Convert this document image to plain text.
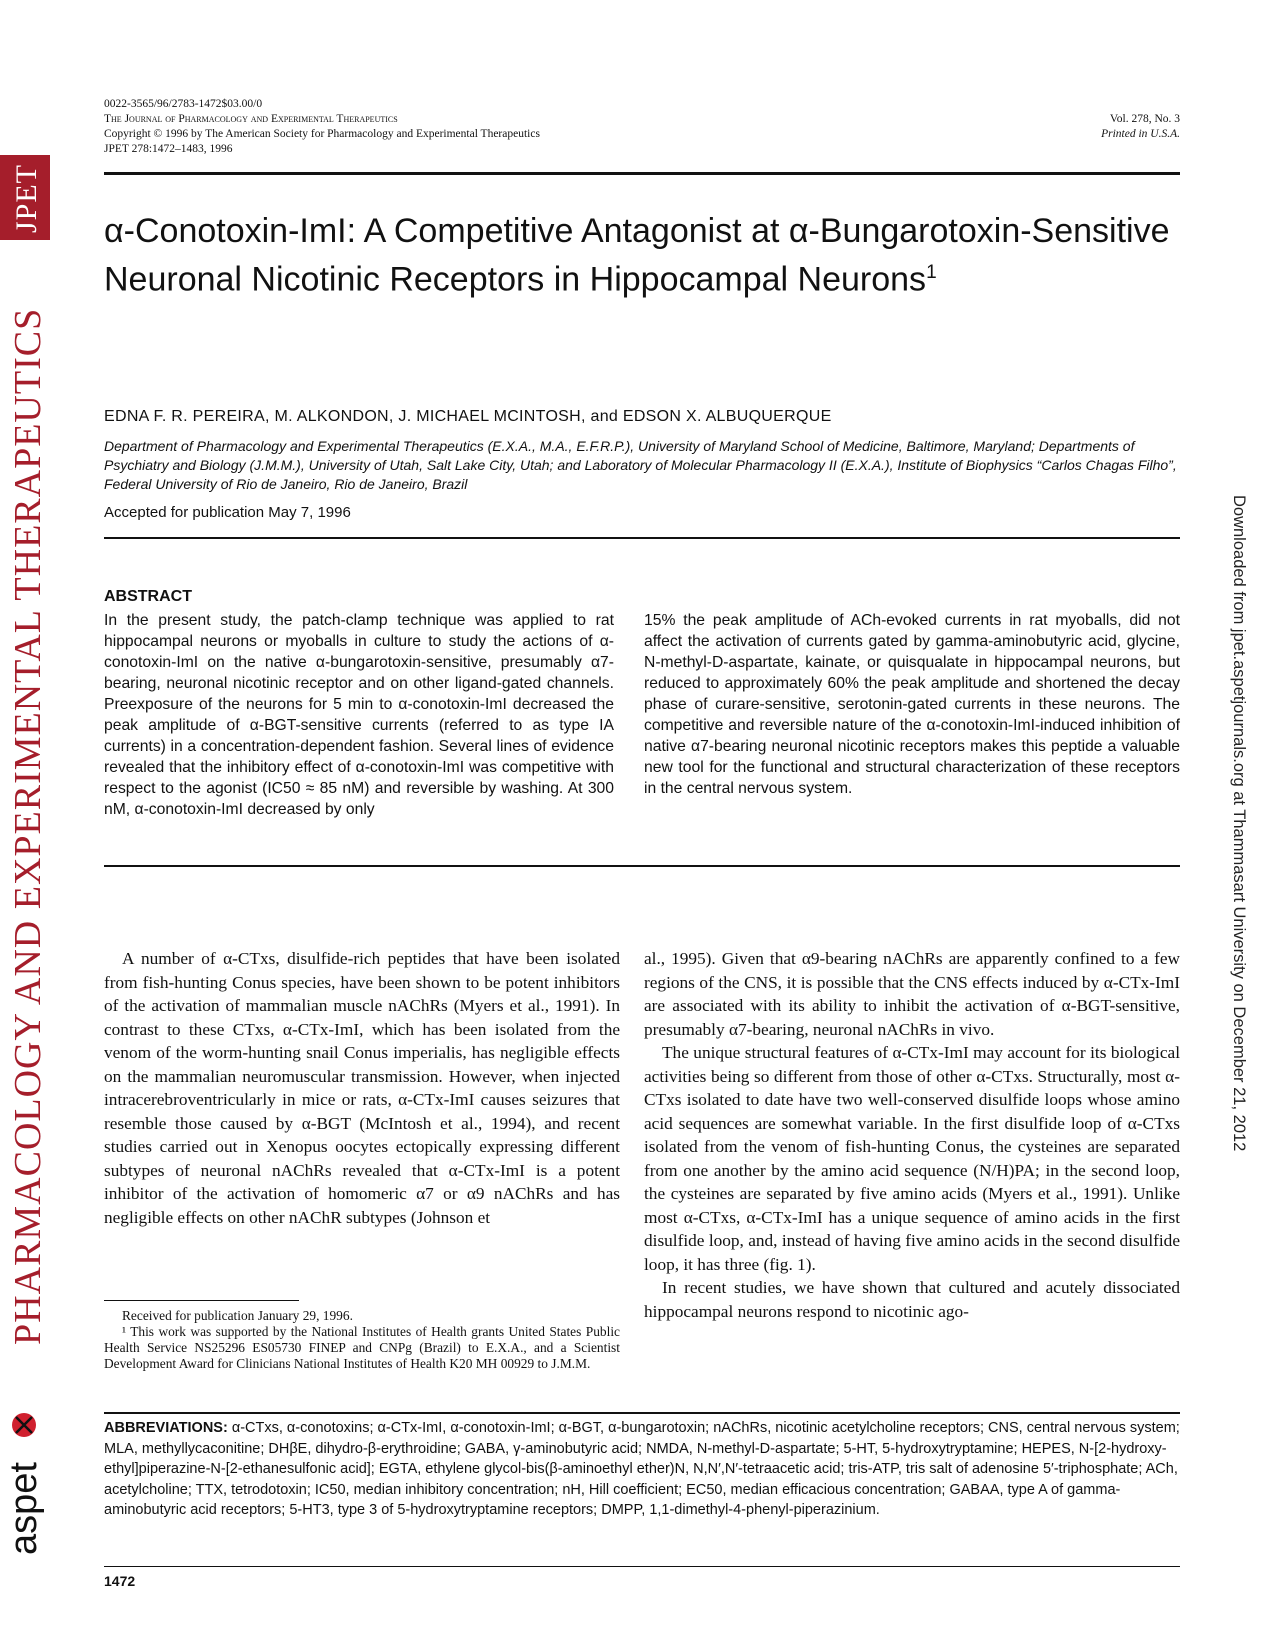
JPET
PHARMACOLOGY AND EXPERIMENTAL THERAPEUTICS
aspet
Downloaded from jpet.aspetjournals.org at Thammasart University on December 21, 2012
0022-3565/96/2783-1472$03.00/0
The Journal of Pharmacology and Experimental Therapeutics
Copyright © 1996 by The American Society for Pharmacology and Experimental Therapeutics
JPET 278:1472–1483, 1996
Vol. 278, No. 3
Printed in U.S.A.
α-Conotoxin-ImI: A Competitive Antagonist at α-Bungarotoxin-Sensitive Neuronal Nicotinic Receptors in Hippocampal Neurons$^1$
EDNA F. R. PEREIRA, M. ALKONDON, J. MICHAEL MCINTOSH, and EDSON X. ALBUQUERQUE
Department of Pharmacology and Experimental Therapeutics (E.X.A., M.A., E.F.R.P.), University of Maryland School of Medicine, Baltimore, Maryland; Departments of Psychiatry and Biology (J.M.M.), University of Utah, Salt Lake City, Utah; and Laboratory of Molecular Pharmacology II (E.X.A.), Institute of Biophysics “Carlos Chagas Filho”, Federal University of Rio de Janeiro, Rio de Janeiro, Brazil
Accepted for publication May 7, 1996
ABSTRACT
In the present study, the patch-clamp technique was applied to rat hippocampal neurons or myoballs in culture to study the actions of α-conotoxin-ImI on the native α-bungarotoxin-sensitive, presumably α7-bearing, neuronal nicotinic receptor and on other ligand-gated channels. Preexposure of the neurons for 5 min to α-conotoxin-ImI decreased the peak amplitude of α-BGT-sensitive currents (referred to as type IA currents) in a concentration-dependent fashion. Several lines of evidence revealed that the inhibitory effect of α-conotoxin-ImI was competitive with respect to the agonist (IC50 ≈ 85 nM) and reversible by washing. At 300 nM, α-conotoxin-ImI decreased by only
15% the peak amplitude of ACh-evoked currents in rat myoballs, did not affect the activation of currents gated by gamma-aminobutyric acid, glycine, N-methyl-D-aspartate, kainate, or quisqualate in hippocampal neurons, but reduced to approximately 60% the peak amplitude and shortened the decay phase of curare-sensitive, serotonin-gated currents in these neurons. The competitive and reversible nature of the α-conotoxin-ImI-induced inhibition of native α7-bearing neuronal nicotinic receptors makes this peptide a valuable new tool for the functional and structural characterization of these receptors in the central nervous system.

A number of α-CTxs, disulfide-rich peptides that have been isolated from fish-hunting Conus species, have been shown to be potent inhibitors of the activation of mammalian muscle nAChRs (Myers et al., 1991). In contrast to these CTxs, α-CTx-ImI, which has been isolated from the venom of the worm-hunting snail Conus imperialis, has negligible effects on the mammalian neuromuscular transmission. However, when injected intracerebroventricularly in mice or rats, α-CTx-ImI causes seizures that resemble those caused by α-BGT (McIntosh et al., 1994), and recent studies carried out in Xenopus oocytes ectopically expressing different subtypes of neuronal nAChRs revealed that α-CTx-ImI is a potent inhibitor of the activation of homomeric α7 or α9 nAChRs and has negligible effects on other nAChR subtypes (Johnson et

al., 1995). Given that α9-bearing nAChRs are apparently confined to a few regions of the CNS, it is possible that the CNS effects induced by α-CTx-ImI are associated with its ability to inhibit the activation of α-BGT-sensitive, presumably α7-bearing, neuronal nAChRs in vivo.

The unique structural features of α-CTx-ImI may account for its biological activities being so different from those of other α-CTxs. Structurally, most α-CTxs isolated to date have two well-conserved disulfide loops whose amino acid sequences are somewhat variable. In the first disulfide loop of α-CTxs isolated from the venom of fish-hunting Conus, the cysteines are separated from one another by the amino acid sequence (N/H)PA; in the second loop, the cysteines are separated by five amino acids (Myers et al., 1991). Unlike most α-CTxs, α-CTx-ImI has a unique sequence of amino acids in the first disulfide loop, and, instead of having five amino acids in the second disulfide loop, it has three (fig. 1).

In recent studies, we have shown that cultured and acutely dissociated hippocampal neurons respond to nicotinic ago-

Received for publication January 29, 1996.

¹ This work was supported by the National Institutes of Health grants United States Public Health Service NS25296 ES05730 FINEP and CNPg (Brazil) to E.X.A., and a Scientist Development Award for Clinicians National Institutes of Health K20 MH 00929 to J.M.M.

ABBREVIATIONS: α-CTxs, α-conotoxins; α-CTx-ImI, α-conotoxin-ImI; α-BGT, α-bungarotoxin; nAChRs, nicotinic acetylcholine receptors; CNS, central nervous system; MLA, methyllycaconitine; DHβE, dihydro-β-erythroidine; GABA, γ-aminobutyric acid; NMDA, N-methyl-D-aspartate; 5-HT, 5-hydroxytryptamine; HEPES, N-[2-hydroxy-ethyl]piperazine-N-[2-ethanesulfonic acid]; EGTA, ethylene glycol-bis(β-aminoethyl ether)N, N,N′,N′-tetraacetic acid; tris-ATP, tris salt of adenosine 5′-triphosphate; ACh, acetylcholine; TTX, tetrodotoxin; IC50, median inhibitory concentration; nH, Hill coefficient; EC50, median efficacious concentration; GABAA, type A of gamma-aminobutyric acid receptors; 5-HT3, type 3 of 5-hydroxytryptamine receptors; DMPP, 1,1-dimethyl-4-phenyl-piperazinium.
1472
